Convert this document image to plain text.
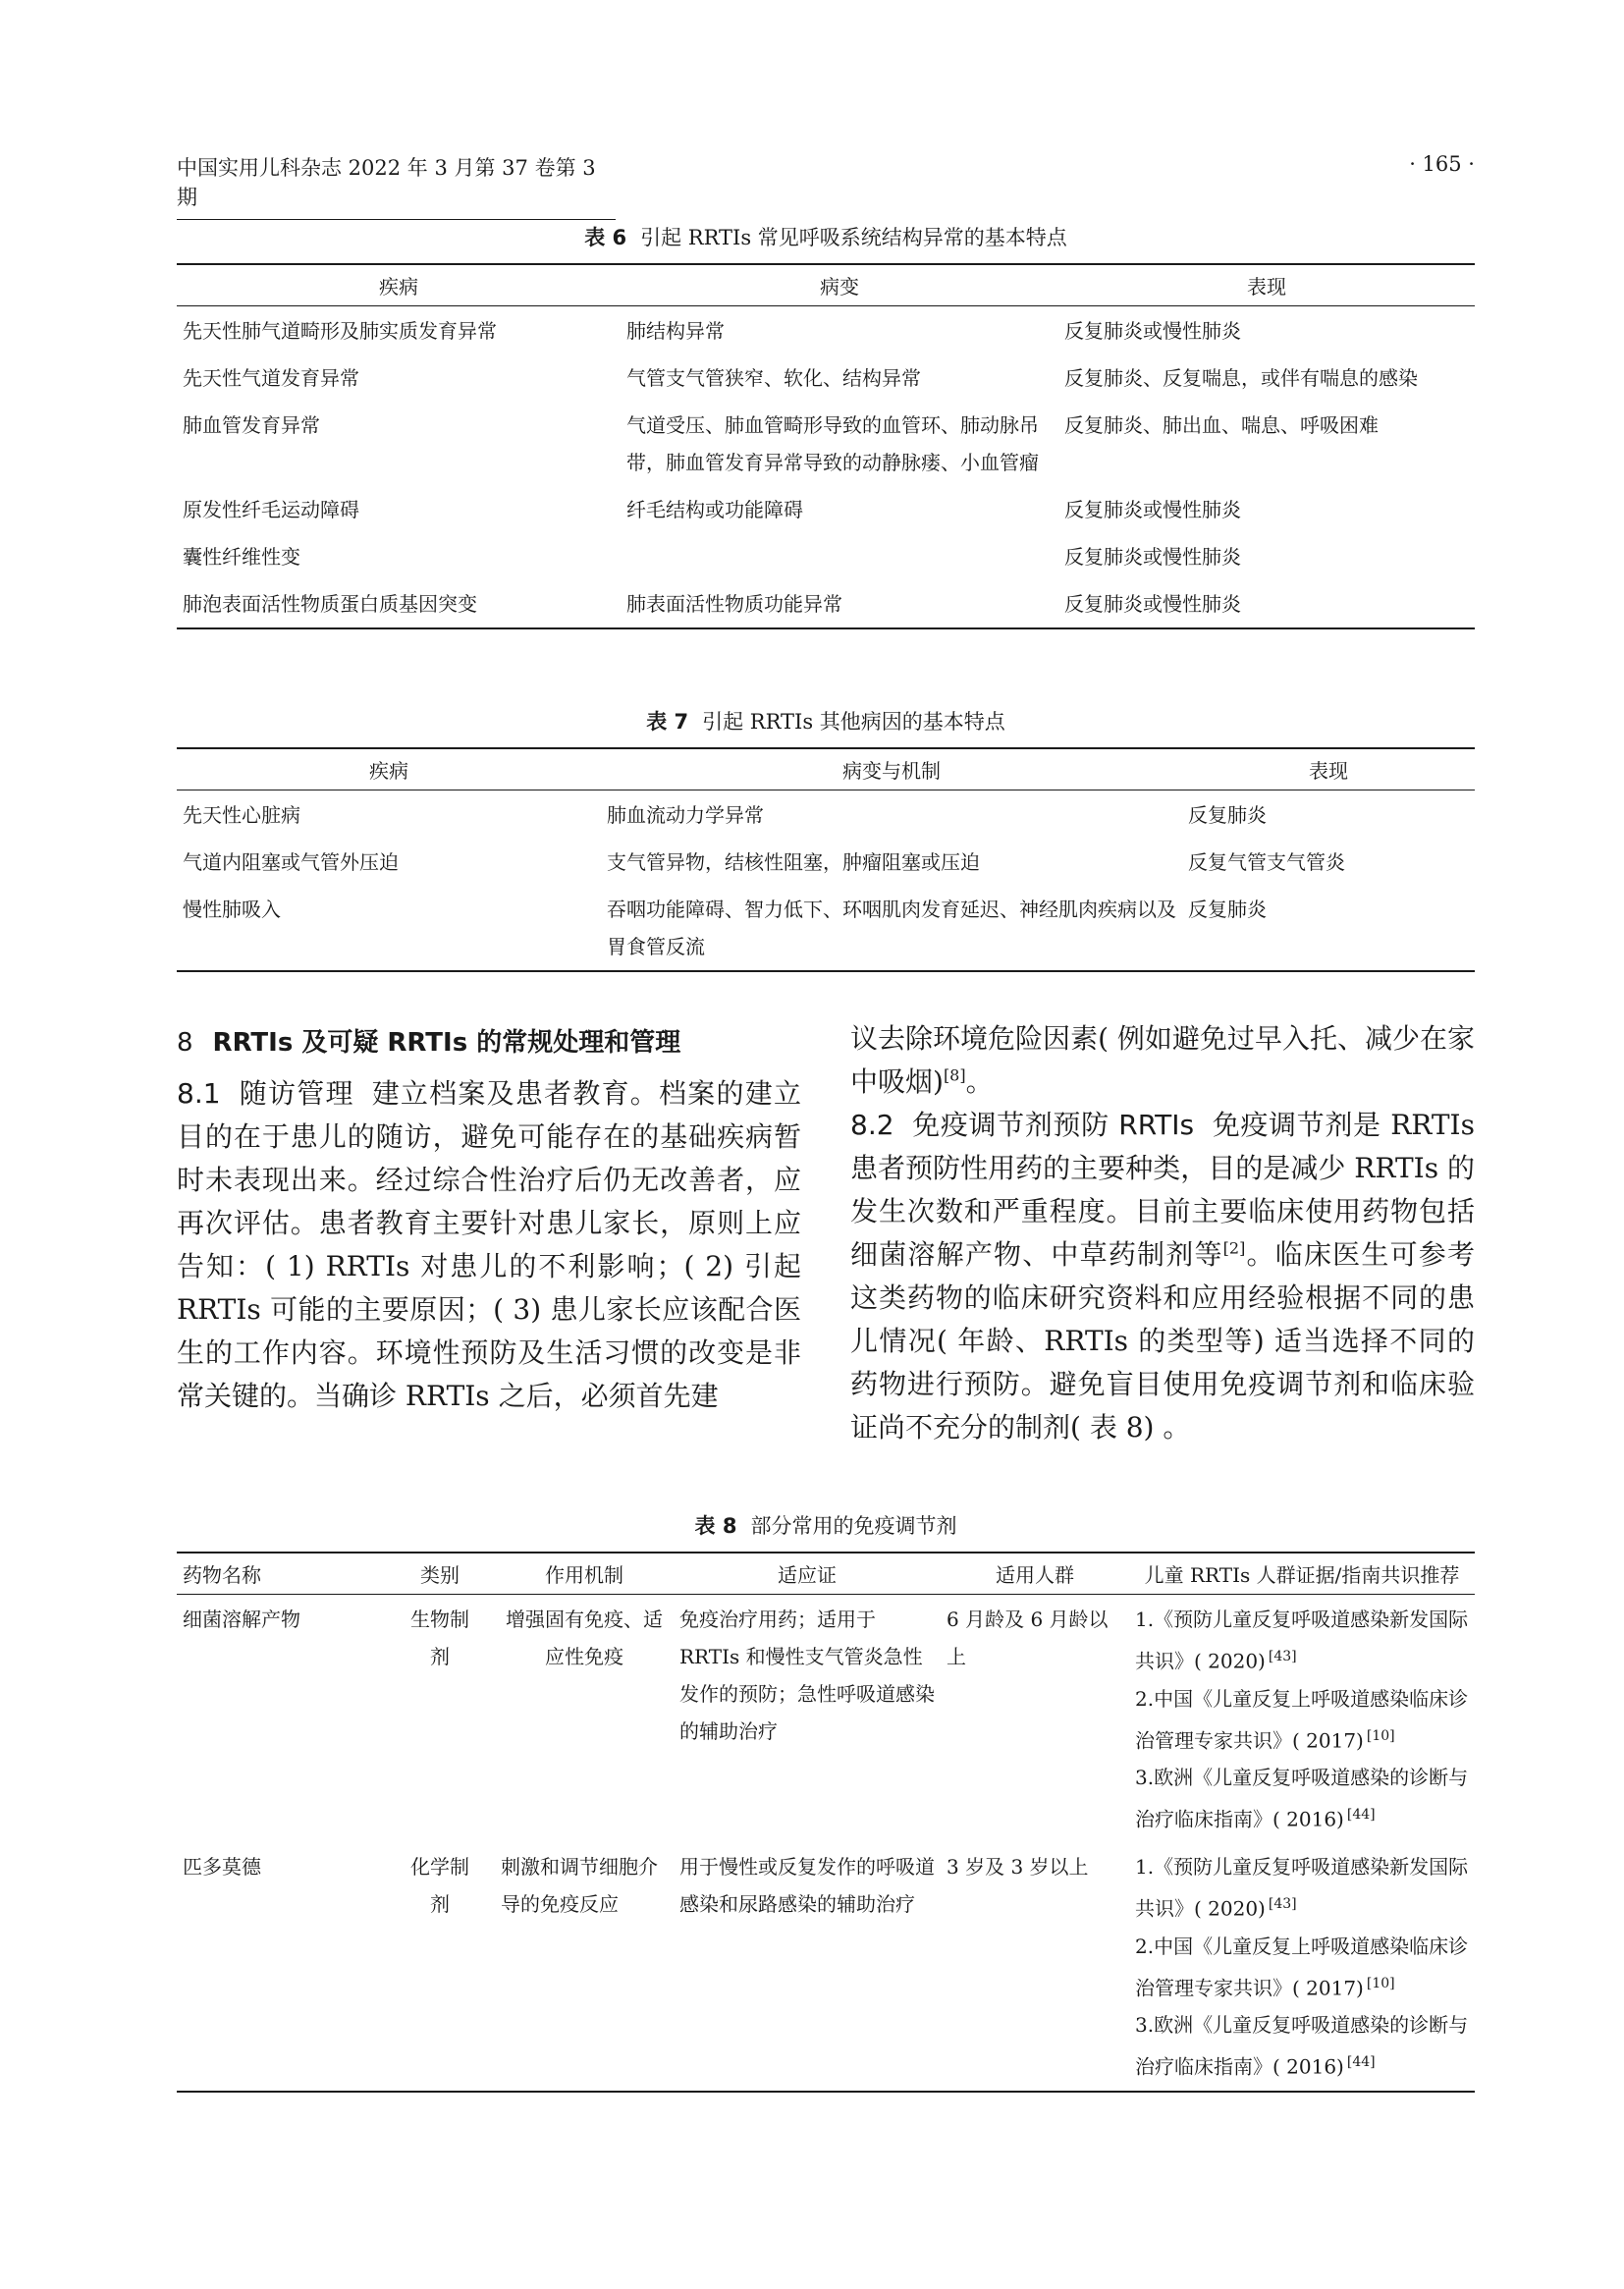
中国实用儿科杂志 2022 年 3 月第 37 卷第 3 期
· 165 ·
表 6 引起 RRTIs 常见呼吸系统结构异常的基本特点
疾病	病变	表现
先天性肺气道畸形及肺实质发育异常	肺结构异常	反复肺炎或慢性肺炎
先天性气道发育异常	气管支气管狭窄、软化、结构异常	反复肺炎、反复喘息，或伴有喘息的感染
肺血管发育异常	气道受压、肺血管畸形导致的血管环、肺动脉吊带，肺血管发育异常导致的动静脉瘘、小血管瘤	反复肺炎、肺出血、喘息、呼吸困难
原发性纤毛运动障碍	纤毛结构或功能障碍	反复肺炎或慢性肺炎
囊性纤维性变		反复肺炎或慢性肺炎
肺泡表面活性物质蛋白质基因突变	肺表面活性物质功能异常	反复肺炎或慢性肺炎
表 7 引起 RRTIs 其他病因的基本特点
疾病	病变与机制	表现
先天性心脏病	肺血流动力学异常	反复肺炎
气道内阻塞或气管外压迫	支气管异物，结核性阻塞，肿瘤阻塞或压迫	反复气管支气管炎
慢性肺吸入	吞咽功能障碍、智力低下、环咽肌肉发育延迟、神经肌肉疾病以及胃食管反流	反复肺炎
8 RRTIs 及可疑 RRTIs 的常规处理和管理

8.1 随访管理 建立档案及患者教育。档案的建立目的在于患儿的随访，避免可能存在的基础疾病暂时未表现出来。经过综合性治疗后仍无改善者，应再次评估。患者教育主要针对患儿家长，原则上应告知：( 1) RRTIs 对患儿的不利影响；( 2) 引起 RRTIs 可能的主要原因；( 3) 患儿家长应该配合医生的工作内容。环境性预防及生活习惯的改变是非常关键的。当确诊 RRTIs 之后，必须首先建

议去除环境危险因素( 例如避免过早入托、减少在家中吸烟)[8]。

8.2 免疫调节剂预防 RRTIs 免疫调节剂是 RRTIs 患者预防性用药的主要种类，目的是减少 RRTIs 的发生次数和严重程度。目前主要临床使用药物包括细菌溶解产物、中草药制剂等[2]。临床医生可参考这类药物的临床研究资料和应用经验根据不同的患儿情况( 年龄、RRTIs 的类型等) 适当选择不同的药物进行预防。避免盲目使用免疫调节剂和临床验证尚不充分的制剂( 表 8) 。

表 8 部分常用的免疫调节剂
药物名称	类别	作用机制	适应证	适用人群	儿童 RRTIs 人群证据/指南共识推荐
细菌溶解产物	生物制剂	增强固有免疫、适应性免疫	免疫治疗用药；适用于 RRTIs 和慢性支气管炎急性发作的预防；急性呼吸道感染的辅助治疗	6 月龄及 6 月龄以上	1.《预防儿童反复呼吸道感染新发国际共识》( 2020) [43]
2.中国《儿童反复上呼吸道感染临床诊治管理专家共识》( 2017) [10]
3.欧洲《儿童反复呼吸道感染的诊断与治疗临床指南》( 2016) [44]

匹多莫德	化学制剂	刺激和调节细胞介导的免疫反应	用于慢性或反复发作的呼吸道感染和尿路感染的辅助治疗	3 岁及 3 岁以上	1.《预防儿童反复呼吸道感染新发国际共识》( 2020) [43]
2.中国《儿童反复上呼吸道感染临床诊治管理专家共识》( 2017) [10]
3.欧洲《儿童反复呼吸道感染的诊断与治疗临床指南》( 2016) [44]
